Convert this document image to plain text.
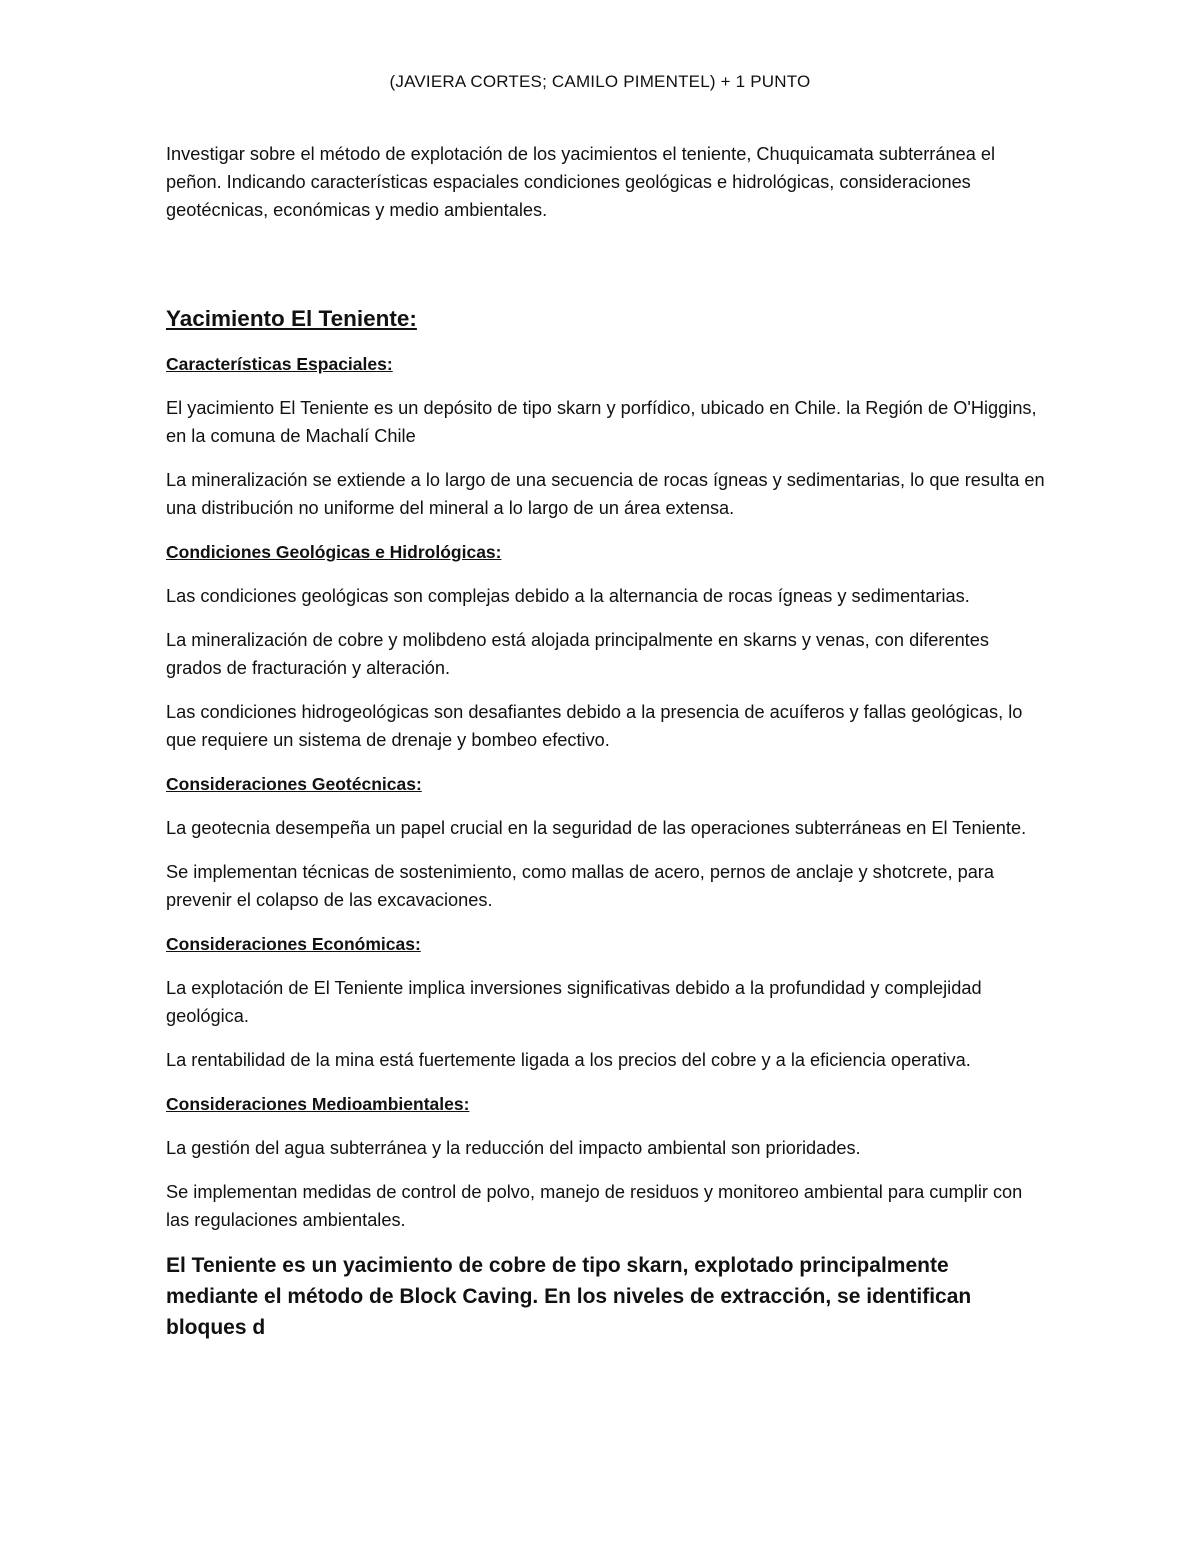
(JAVIERA CORTES; CAMILO PIMENTEL) + 1 PUNTO

Investigar sobre el método de explotación de los yacimientos el teniente, Chuquicamata subterránea el peñon. Indicando características espaciales condiciones geológicas e hidrológicas, consideraciones geotécnicas, económicas y medio ambientales.

Yacimiento El Teniente:
Características Espaciales:

El yacimiento El Teniente es un depósito de tipo skarn y porfídico, ubicado en Chile. la Región de O'Higgins, en la comuna de Machalí Chile

La mineralización se extiende a lo largo de una secuencia de rocas ígneas y sedimentarias, lo que resulta en una distribución no uniforme del mineral a lo largo de un área extensa.

Condiciones Geológicas e Hidrológicas:

Las condiciones geológicas son complejas debido a la alternancia de rocas ígneas y sedimentarias.

La mineralización de cobre y molibdeno está alojada principalmente en skarns y venas, con diferentes grados de fracturación y alteración.

Las condiciones hidrogeológicas son desafiantes debido a la presencia de acuíferos y fallas geológicas, lo que requiere un sistema de drenaje y bombeo efectivo.

Consideraciones Geotécnicas:

La geotecnia desempeña un papel crucial en la seguridad de las operaciones subterráneas en El Teniente.

Se implementan técnicas de sostenimiento, como mallas de acero, pernos de anclaje y shotcrete, para prevenir el colapso de las excavaciones.

Consideraciones Económicas:

La explotación de El Teniente implica inversiones significativas debido a la profundidad y complejidad geológica.

La rentabilidad de la mina está fuertemente ligada a los precios del cobre y a la eficiencia operativa.

Consideraciones Medioambientales:

La gestión del agua subterránea y la reducción del impacto ambiental son prioridades.

Se implementan medidas de control de polvo, manejo de residuos y monitoreo ambiental para cumplir con las regulaciones ambientales.

El Teniente es un yacimiento de cobre de tipo skarn, explotado principalmente mediante el método de Block Caving. En los niveles de extracción, se identifican bloques d
